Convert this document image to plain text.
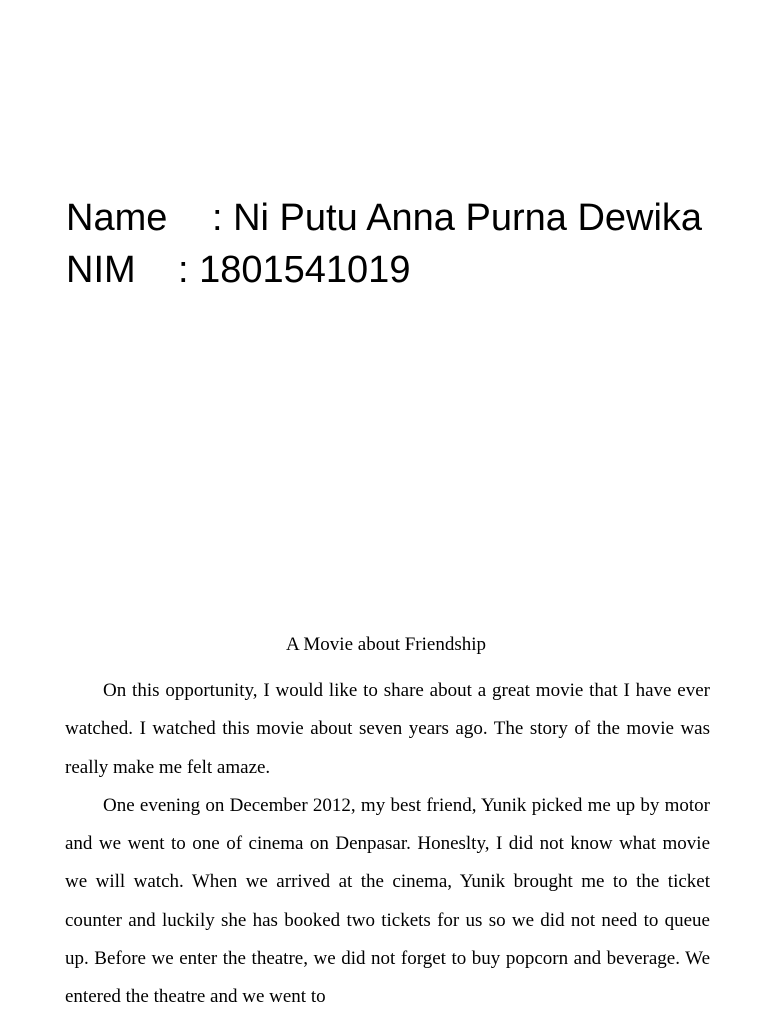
Name	: Ni Putu Anna Purna Dewika
NIM	: 1801541019
A Movie about Friendship

On this opportunity, I would like to share about a great movie that I have ever watched. I watched this movie about seven years ago. The story of the movie was really make me felt amaze.

One evening on December 2012, my best friend, Yunik picked me up by motor and we went to one of cinema on Denpasar. Honeslty, I did not know what movie we will watch. When we arrived at the cinema, Yunik brought me to the ticket counter and luckily she has booked two tickets for us so we did not need to queue up. Before we enter the theatre, we did not forget to buy popcorn and beverage. We entered the theatre and we went to
